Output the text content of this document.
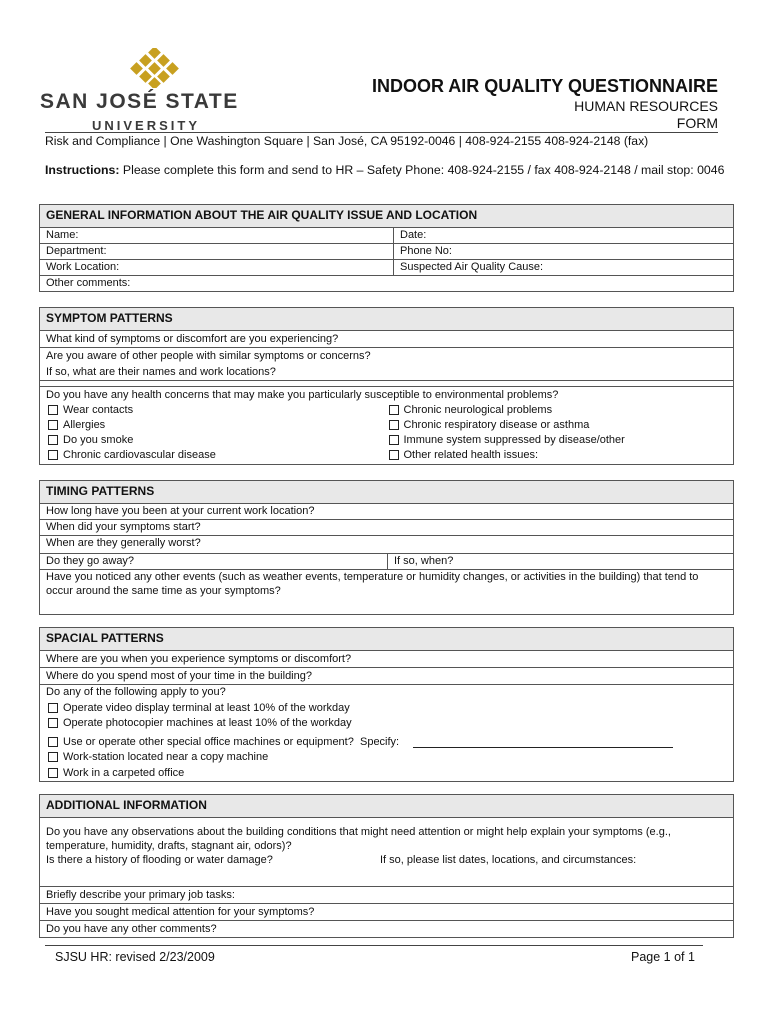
SAN JOSÉ STATE
UNIVERSITY
INDOOR AIR QUALITY QUESTIONNAIRE
HUMAN RESOURCES
FORM
Risk and Compliance | One Washington Square | San José, CA 95192-0046 | 408-924-2155 408-924-2148 (fax)
Instructions: Please complete this form and send to HR – Safety Phone: 408-924-2155 / fax 408-924-2148 / mail stop: 0046
GENERAL INFORMATION ABOUT THE AIR QUALITY ISSUE AND LOCATION
Name:	Date:
Department:	Phone No:
Work Location:	Suspected Air Quality Cause:
Other comments:
SYMPTOM PATTERNS
What kind of symptoms or discomfort are you experiencing?
Are you aware of other people with similar symptoms or concerns?
If so, what are their names and work locations?
Do you have any health concerns that may make you particularly susceptible to environmental problems?
Wear contacts	Chronic neurological problems
Allergies	Chronic respiratory disease or asthma
Do you smoke	Immune system suppressed by disease/other
Chronic cardiovascular disease	Other related health issues:
TIMING PATTERNS
How long have you been at your current work location?
When did your symptoms start?
When are they generally worst?
Do they go away?	If so, when?
Have you noticed any other events (such as weather events, temperature or humidity changes, or activities in the building) that tend to occur around the same time as your symptoms?
SPACIAL PATTERNS
Where are you when you experience symptoms or discomfort?
Where do you spend most of your time in the building?
Do any of the following apply to you?
Operate video display terminal at least 10% of the workday
Operate photocopier machines at least 10% of the workday
Use or operate other special office machines or equipment? Specify:
Work-station located near a copy machine
Work in a carpeted office
ADDITIONAL INFORMATION
Do you have any observations about the building conditions that might need attention or might help explain your symptoms (e.g., temperature, humidity, drafts, stagnant air, odors)?
Is there a history of flooding or water damage?	If so, please list dates, locations, and circumstances:
Briefly describe your primary job tasks:
Have you sought medical attention for your symptoms?
Do you have any other comments?
SJSU HR: revised 2/23/2009	Page 1 of 1
